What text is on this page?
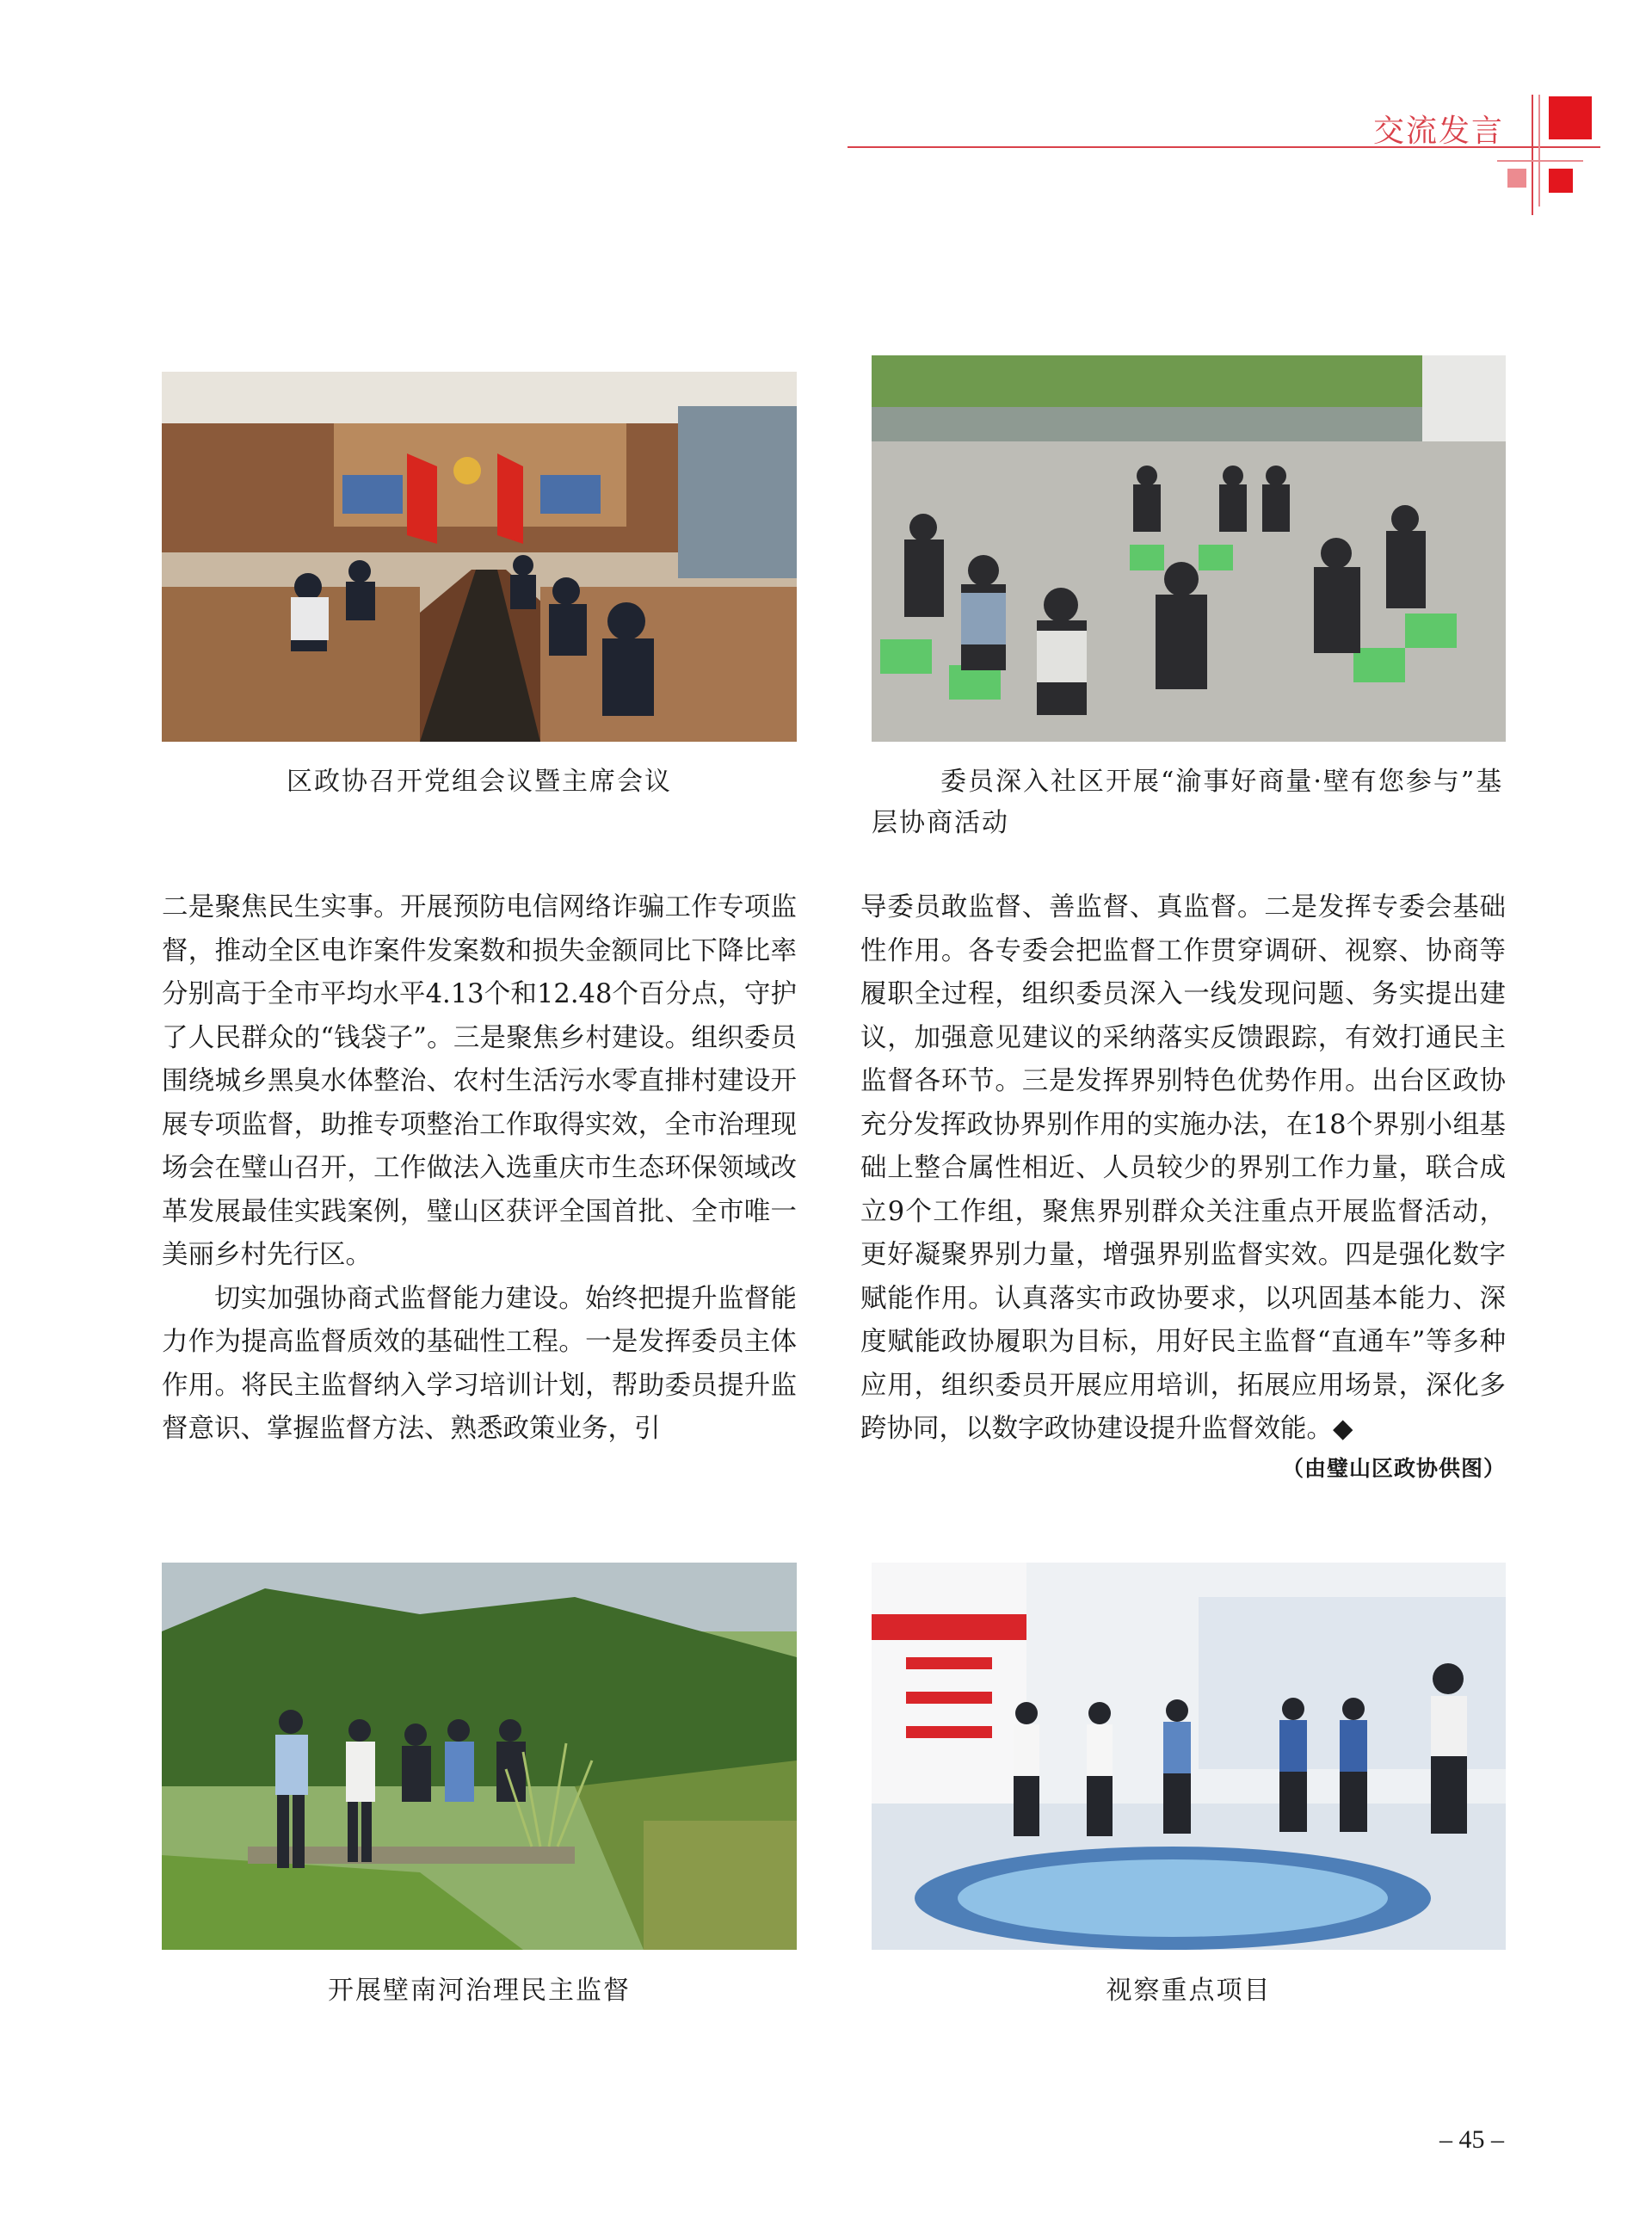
交流发言
区政协召开党组会议暨主席会议	委员深入社区开展“渝事好商量·壁有您参与”基层协商活动
开展壁南河治理民主监督	视察重点项目

二是聚焦民生实事。开展预防电信网络诈骗工作专项监督，推动全区电诈案件发案数和损失金额同比下降比率分别高于全市平均水平4.13个和12.48个百分点，守护了人民群众的“钱袋子”。三是聚焦乡村建设。组织委员围绕城乡黑臭水体整治、农村生活污水零直排村建设开展专项监督，助推专项整治工作取得实效，全市治理现场会在璧山召开，工作做法入选重庆市生态环保领域改革发展最佳实践案例，璧山区获评全国首批、全市唯一美丽乡村先行区。

切实加强协商式监督能力建设。始终把提升监督能力作为提高监督质效的基础性工程。一是发挥委员主体作用。将民主监督纳入学习培训计划，帮助委员提升监督意识、掌握监督方法、熟悉政策业务，引

导委员敢监督、善监督、真监督。二是发挥专委会基础性作用。各专委会把监督工作贯穿调研、视察、协商等履职全过程，组织委员深入一线发现问题、务实提出建议，加强意见建议的采纳落实反馈跟踪，有效打通民主监督各环节。三是发挥界别特色优势作用。出台区政协充分发挥政协界别作用的实施办法，在18个界别小组基础上整合属性相近、人员较少的界别工作力量，联合成立9个工作组，聚焦界别群众关注重点开展监督活动，更好凝聚界别力量，增强界别监督实效。四是强化数字赋能作用。认真落实市政协要求，以巩固基本能力、深度赋能政协履职为目标，用好民主监督“直通车”等多种应用，组织委员开展应用培训，拓展应用场景，深化多跨协同，以数字政协建设提升监督效能。◆

（由璧山区政协供图）
– 45 –
